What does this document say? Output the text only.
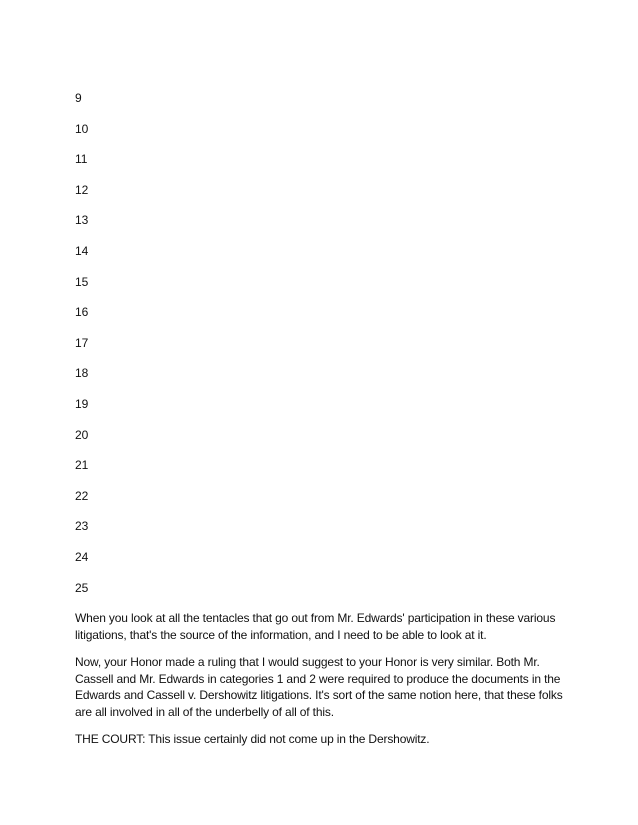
9
10
11
12
13
14
15
16
17
18
19
20
21
22
23
24
25

When you look at all the tentacles that go out from Mr. Edwards' participation in these various litigations, that's the source of the information, and I need to be able to look at it.

Now, your Honor made a ruling that I would suggest to your Honor is very similar. Both Mr. Cassell and Mr. Edwards in categories 1 and 2 were required to produce the documents in the Edwards and Cassell v. Dershowitz litigations. It's sort of the same notion here, that these folks are all involved in all of the underbelly of all of this.

THE COURT: This issue certainly did not come up in the Dershowitz.
